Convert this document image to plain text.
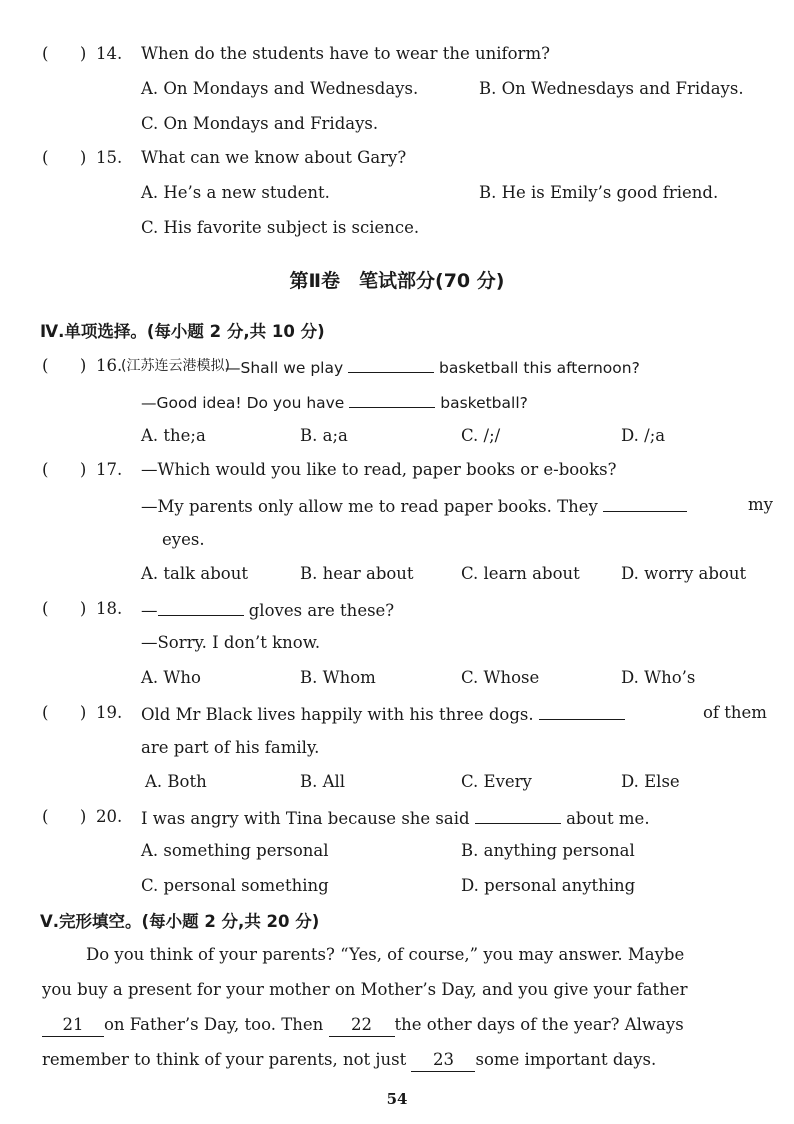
(      ) 14. When do the students have to wear the uniform?
A. On Mondays and Wednesdays.	B. On Wednesdays and Fridays.
C. On Mondays and Fridays.
(      ) 15. What can we know about Gary?
A. He’s a new student.	B. He is Emily’s good friend.
C. His favorite subject is science.
第Ⅱ卷　笔试部分(70 分)
Ⅳ.单项选择。(每小题 2 分,共 10 分)
(      ) 16.
(江苏连云港模拟)
—Shall we play	basketball this afternoon?
—Good idea! Do you have	basketball?
A. the;a	B. a;a	C. /;/	D. /;a
(      ) 17. —Which would you like to read, paper books or e-books?
—My parents only allow me to read paper books. They	my
eyes.
A. talk about	B. hear about	C. learn about D. worry about
(      ) 18. —	gloves are these?
—Sorry. I don’t know.
A. Who	B. Whom	C. Whose	D. Who’s
(      ) 19. Old Mr Black lives happily with his three dogs.	of them
are part of his family.
A. Both	B. All	C. Every	D. Else
(      ) 20. I was angry with Tina because she said	about me.
A. something personal	B. anything personal
C. personal something	D. personal anything
Ⅴ.完形填空。(每小题 2 分,共 20 分)
Do you think of your parents? “Yes, of course,” you may answer. Maybe
you buy a present for your mother on Mother’s Day, and you give your father
21 on Father’s Day, too. Then 22 the other days of the year? Always
remember to think of your parents, not just 23 some important days.
54
